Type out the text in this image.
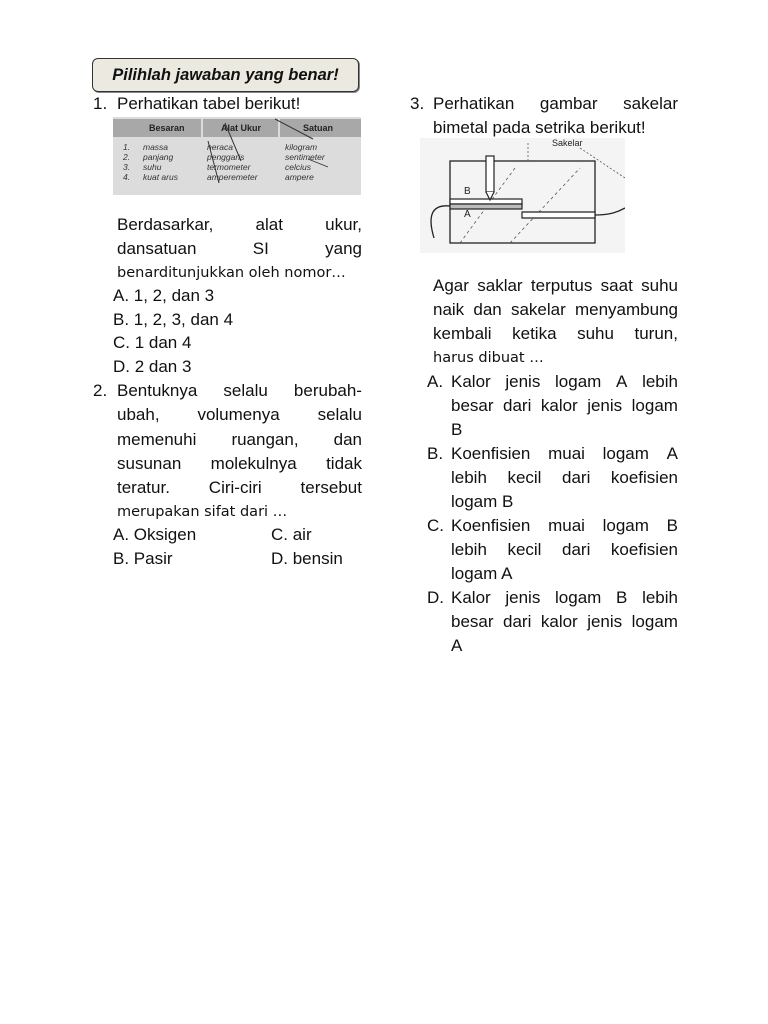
Pilihlah jawaban yang benar!
1. Perhatikan tabel berikut!
Besaran	Alat Ukur	Satuan
1. massa	neraca	kilogram
2. panjang	penggaris	sentimeter
3. suhu	termometer	celcius
4. kuat arus	amperemeter	ampere
Berdasarkar, alat ukur,
dansatuan	SI	yang
benarditunjukkan oleh nomor…
A. 1, 2, dan 3
B. 1, 2, 3, dan 4
C. 1 dan 4
D. 2 dan 3
2. Bentuknya selalu berubah-
ubah, volumenya selalu
memenuhi ruangan, dan
susunan molekulnya tidak
teratur. Ciri-ciri tersebut
merupakan sifat dari …
A. Oksigen	C. air
B. Pasir	D. bensin
3. Perhatikan gambar sakelar
bimetal pada setrika berikut!
Sakelar
B
A
Agar saklar terputus saat suhu
naik dan sakelar menyambung
kembali ketika suhu turun,
harus dibuat …
A. Kalor jenis logam A lebih
besar dari kalor jenis logam
B
B. Koenfisien muai logam A
lebih kecil dari koefisien
logam B
C. Koenfisien muai logam B
lebih kecil dari koefisien
logam A
D. Kalor jenis logam B lebih
besar dari kalor jenis logam
A
